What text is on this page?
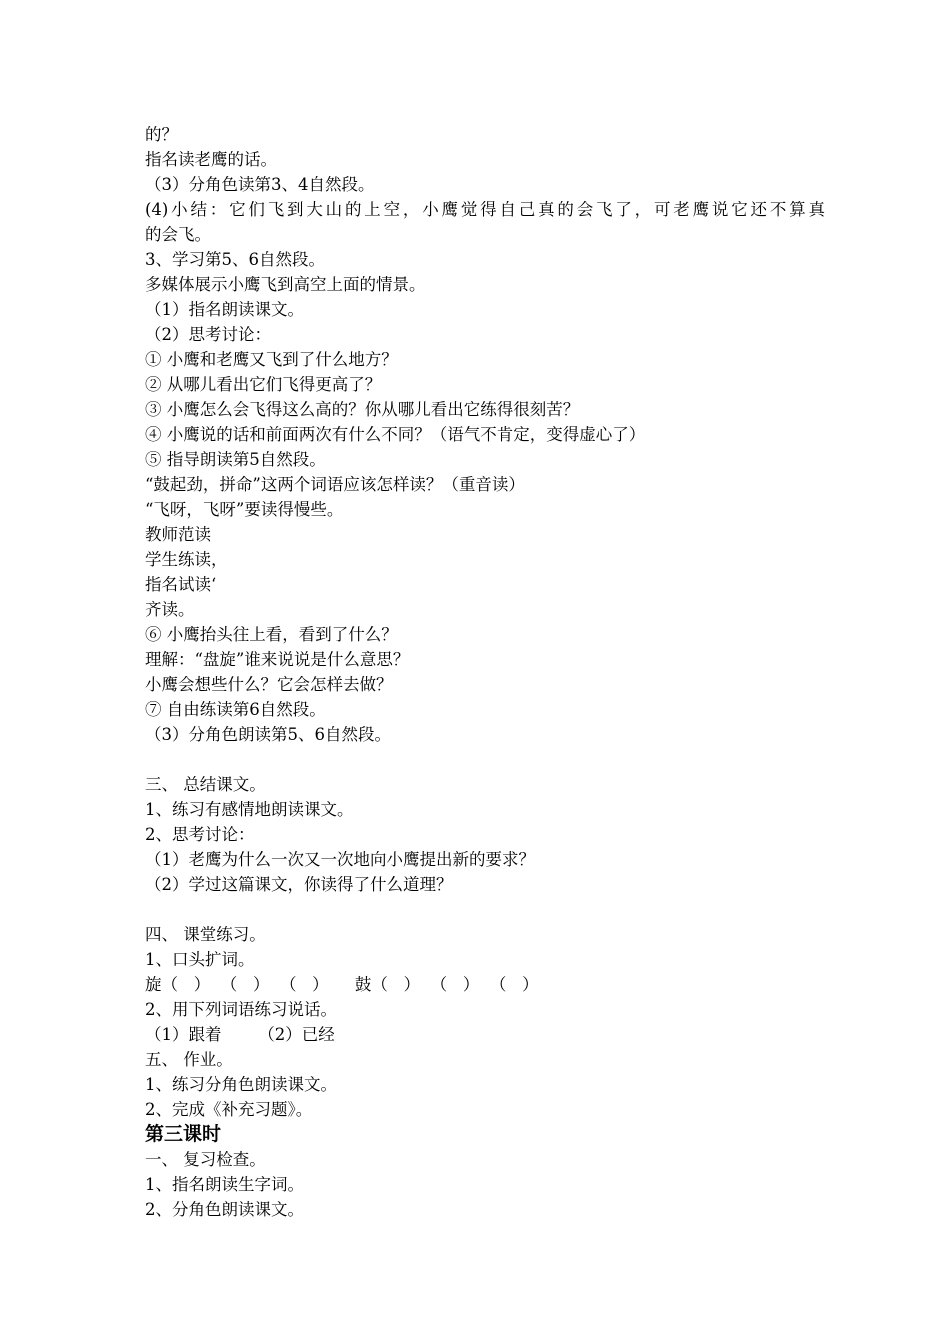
的？
指名读老鹰的话。
（3）分角色读第3、4自然段。
(4)小结：它们飞到大山的上空，小鹰觉得自己真的会飞了，可老鹰说它还不算真
的会飞。
3、学习第5、6自然段。
多媒体展示小鹰飞到高空上面的情景。
（1）指名朗读课文。
（2）思考讨论：
① 小鹰和老鹰又飞到了什么地方？
② 从哪儿看出它们飞得更高了？
③ 小鹰怎么会飞得这么高的？你从哪儿看出它练得很刻苦？
④ 小鹰说的话和前面两次有什么不同？（语气不肯定，变得虚心了）
⑤ 指导朗读第5自然段。
“鼓起劲，拼命”这两个词语应该怎样读？（重音读）
“飞呀，飞呀”要读得慢些。
教师范读
学生练读，
指名试读‘
齐读。
⑥ 小鹰抬头往上看，看到了什么？
理解：“盘旋”谁来说说是什么意思？
小鹰会想些什么？它会怎样去做？
⑦ 自由练读第6自然段。
（3）分角色朗读第5、6自然段。
三、 总结课文。
1、练习有感情地朗读课文。
2、思考讨论：
（1）老鹰为什么一次又一次地向小鹰提出新的要求？
（2）学过这篇课文，你读得了什么道理？
四、 课堂练习。
1、口头扩词。
旋（   ）  （   ）  （   ）     鼓（   ）  （   ）  （   ）
2、用下列词语练习说话。
（1）跟着       （2）已经
五、 作业。
1、练习分角色朗读课文。
2、完成《补充习题》。
第三课时
一、 复习检查。
1、指名朗读生字词。
2、分角色朗读课文。
